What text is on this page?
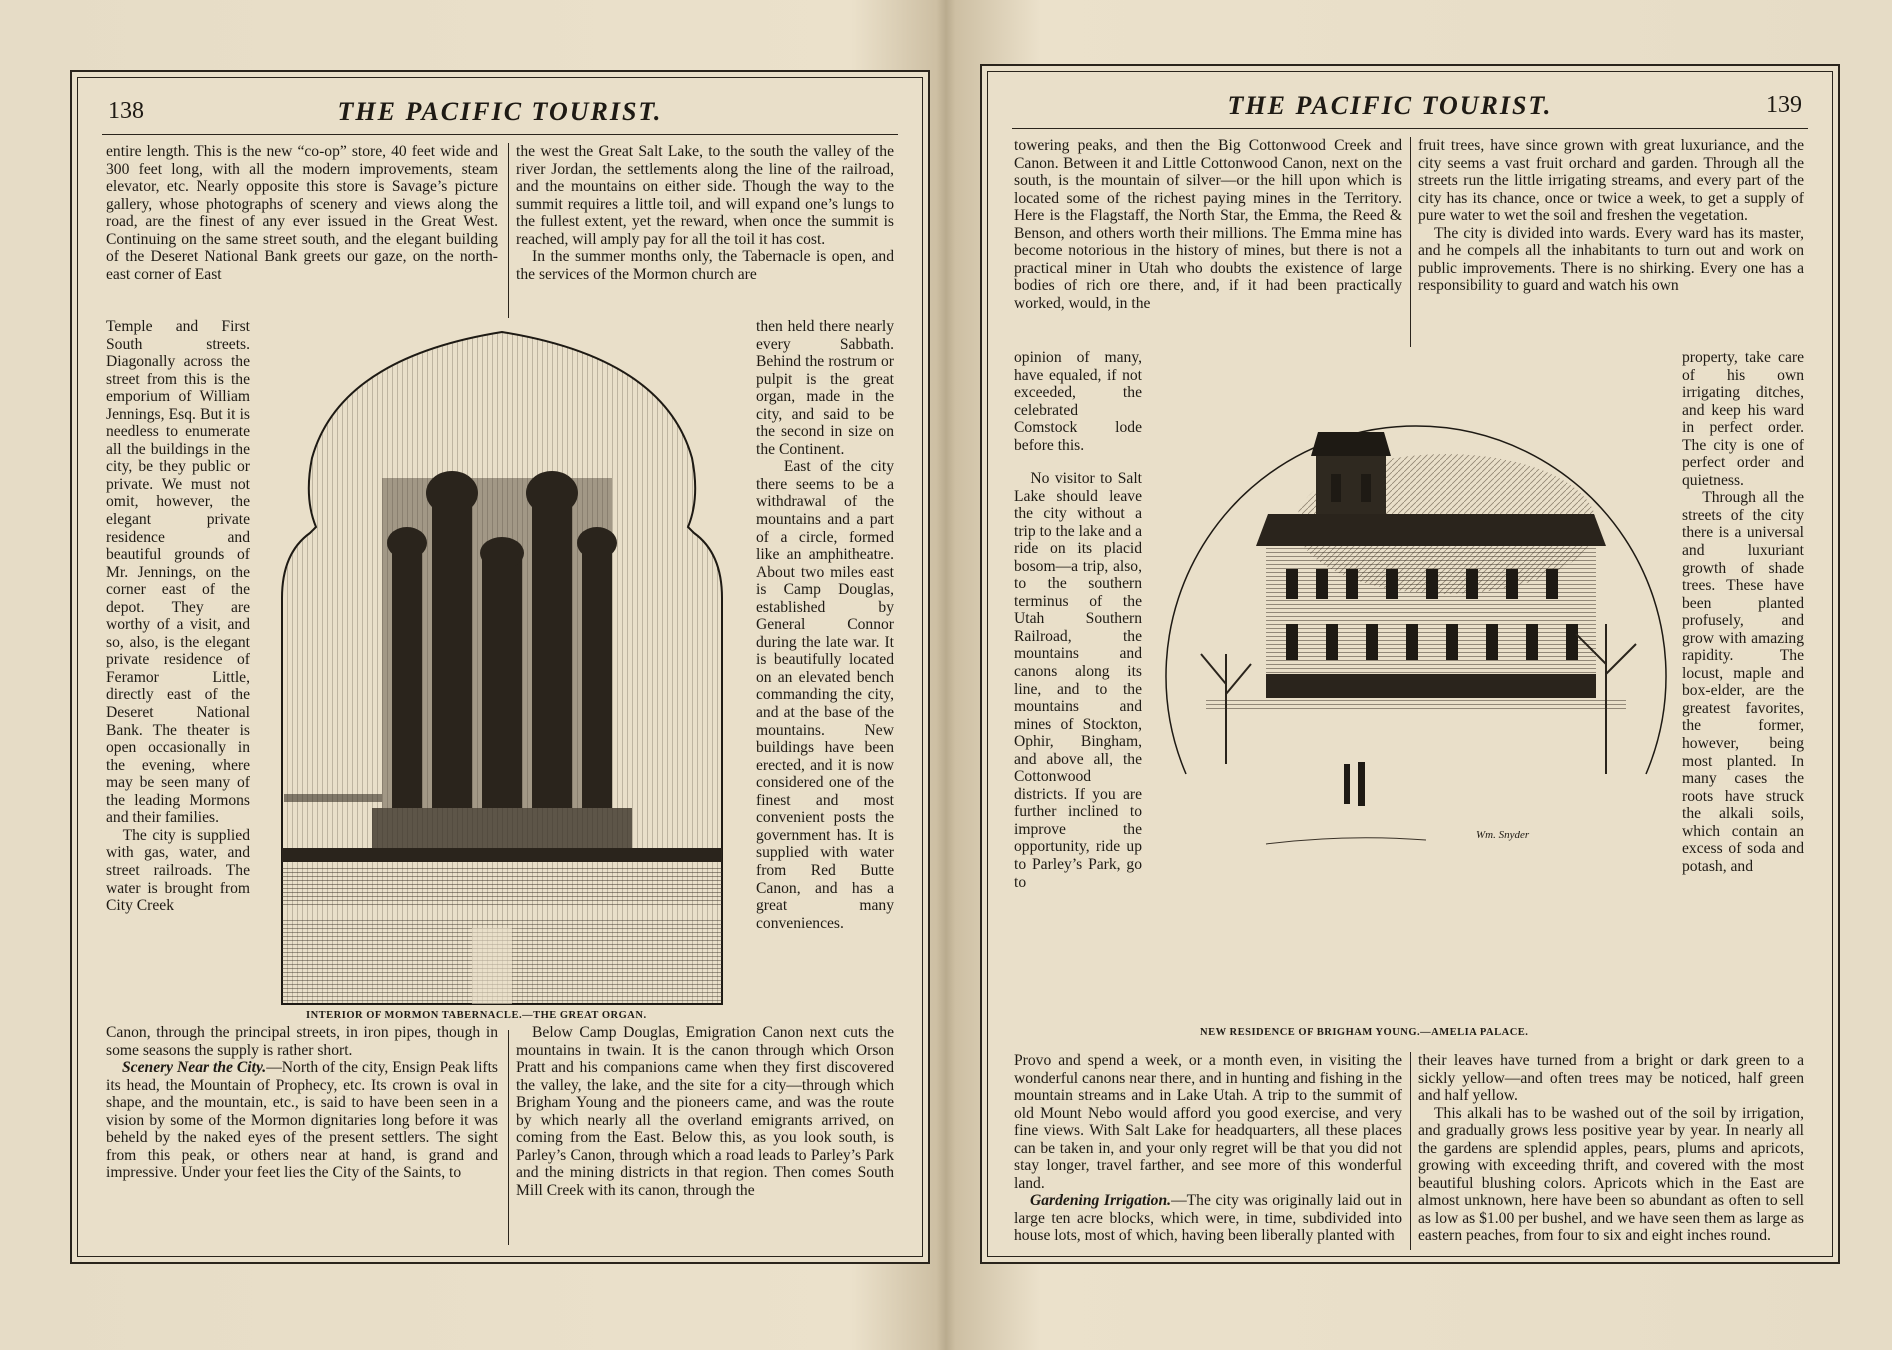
138	THE PACIFIC TOURIST.

entire length. This is the new “co-op” store, 40 feet wide and 300 feet long, with all the modern improvements, steam elevator, etc. Nearly opposite this store is Savage’s picture gallery, whose photographs of scenery and views along the road, are the finest of any ever issued in the Great West. Continuing on the same street south, and the elegant building of the Deseret National Bank greets our gaze, on the north-east corner of East

Temple and First South streets. Diagonally across the street from this is the emporium of William Jennings, Esq. But it is needless to enumerate all the buildings in the city, be they public or private. We must not omit, however, the elegant private residence and beautiful grounds of Mr. Jennings, on the corner east of the depot. They are worthy of a visit, and so, also, is the elegant private residence of Feramor Little, directly east of the Deseret National Bank. The theater is open occasionally in the evening, where may be seen many of the leading Mormons and their families.
The city is supplied with gas, water, and street railroads. The water is brought from City Creek

Canon, through the principal streets, in iron pipes, though in some seasons the supply is rather short.

Scenery Near the City.—North of the city, Ensign Peak lifts its head, the Mountain of Prophecy, etc. Its crown is oval in shape, and the mountain, etc., is said to have been seen in a vision by some of the Mormon dignitaries long before it was beheld by the naked eyes of the present settlers. The sight from this peak, or others near at hand, is grand and impressive. Under your feet lies the City of the Saints, to

the west the Great Salt Lake, to the south the valley of the river Jordan, the settlements along the line of the railroad, and the mountains on either side. Though the way to the summit requires a little toil, and will expand one’s lungs to the fullest extent, yet the reward, when once the summit is reached, will amply pay for all the toil it has cost.

In the summer months only, the Tabernacle is open, and the services of the Mormon church are

then held there nearly every Sabbath. Behind the rostrum or pulpit is the great organ, made in the city, and said to be the second in size on the Continent.
East of the city there seems to be a withdrawal of the mountains and a part of a circle, formed like an amphitheatre. About two miles east is Camp Douglas, established by General Connor during the late war. It is beautifully located on an elevated bench commanding the city, and at the base of the mountains. New buildings have been erected, and it is now considered one of the finest and most convenient posts the government has. It is supplied with water from Red Butte Canon, and has a great many conveniences.

Below Camp Douglas, Emigration Canon next cuts the mountains in twain. It is the canon through which Orson Pratt and his companions came when they first discovered the valley, the lake, and the site for a city—through which Brigham Young and the pioneers came, and was the route by which nearly all the overland emigrants arrived, on coming from the East. Below this, as you look south, is Parley’s Canon, through which a road leads to Parley’s Park and the mining districts in that region. Then comes South Mill Creek with its canon, through the

INTERIOR OF MORMON TABERNACLE.—THE GREAT ORGAN.
THE PACIFIC TOURIST.	139

towering peaks, and then the Big Cottonwood Creek and Canon. Between it and Little Cottonwood Canon, next on the south, is the mountain of silver—or the hill upon which is located some of the richest paying mines in the Territory. Here is the Flagstaff, the North Star, the Emma, the Reed & Benson, and others worth their millions. The Emma mine has become notorious in the history of mines, but there is not a practical miner in Utah who doubts the existence of large bodies of rich ore there, and, if it had been practically worked, would, in the

opinion of many, have equaled, if not exceeded, the celebrated Comstock lode before this.
No visitor to Salt Lake should leave the city without a trip to the lake and a ride on its placid bosom—a trip, also, to the southern terminus of the Utah Southern Railroad, the mountains and canons along its line, and to the mountains and mines of Stockton, Ophir, Bingham, and above all, the Cottonwood districts. If you are further inclined to improve the opportunity, ride up to Parley’s Park, go to

Provo and spend a week, or a month even, in visiting the wonderful canons near there, and in hunting and fishing in the mountain streams and in Lake Utah. A trip to the summit of old Mount Nebo would afford you good exercise, and very fine views. With Salt Lake for headquarters, all these places can be taken in, and your only regret will be that you did not stay longer, travel farther, and see more of this wonderful land.

Gardening Irrigation.—The city was originally laid out in large ten acre blocks, which were, in time, subdivided into house lots, most of which, having been liberally planted with

fruit trees, have since grown with great luxuriance, and the city seems a vast fruit orchard and garden. Through all the streets run the little irrigating streams, and every part of the city has its chance, once or twice a week, to get a supply of pure water to wet the soil and freshen the vegetation.

The city is divided into wards. Every ward has its master, and he compels all the inhabitants to turn out and work on public improvements. There is no shirking. Every one has a responsibility to guard and watch his own

property, take care of his own irrigating ditches, and keep his ward in perfect order. The city is one of perfect order and quietness.
Through all the streets of the city there is a universal and luxuriant growth of shade trees. These have been planted profusely, and grow with amazing rapidity. The locust, maple and box-elder, are the greatest favorites, the former, however, being most planted. In many cases the roots have struck the alkali soils, which contain an excess of soda and potash, and

their leaves have turned from a bright or dark green to a sickly yellow—and often trees may be noticed, half green and half yellow.

This alkali has to be washed out of the soil by irrigation, and gradually grows less positive year by year. In nearly all the gardens are splendid apples, pears, plums and apricots, growing with exceeding thrift, and covered with the most beautiful blushing colors. Apricots which in the East are almost unknown, here have been so abundant as often to sell as low as $1.00 per bushel, and we have seen them as large as eastern peaches, from four to six and eight inches round.

Wm. Snyder
NEW RESIDENCE OF BRIGHAM YOUNG.—AMELIA PALACE.
